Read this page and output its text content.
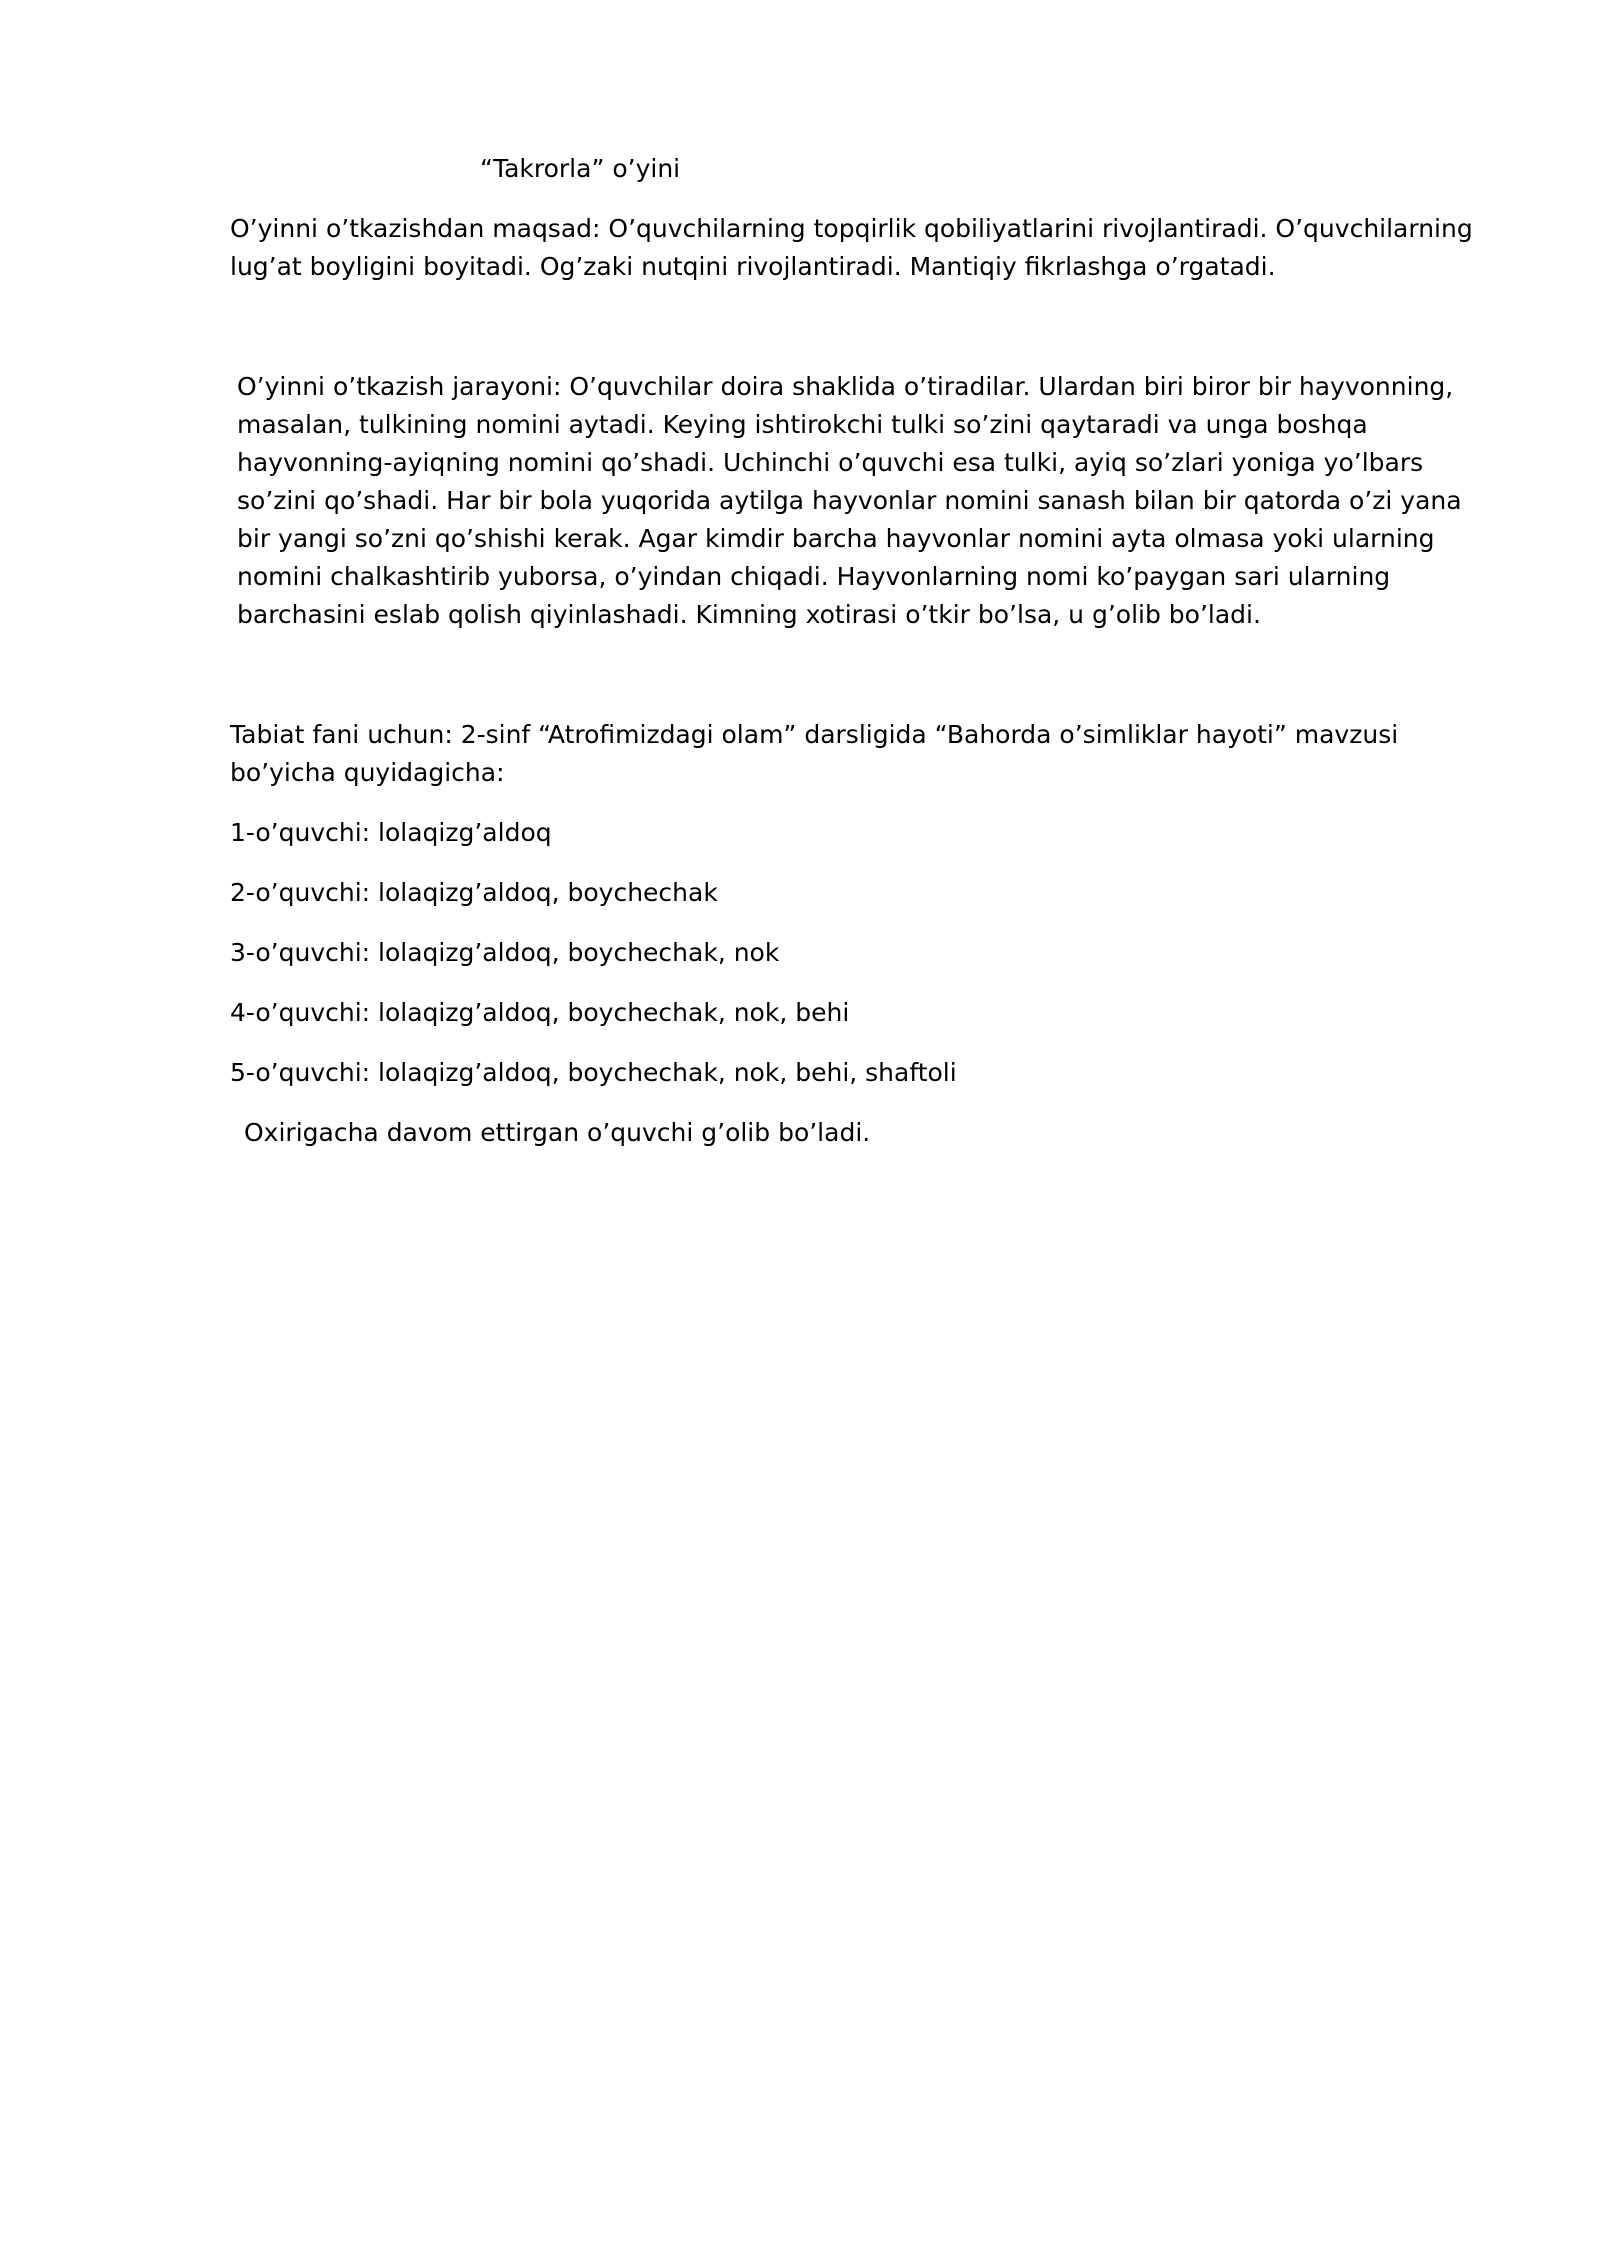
“Takrorla” o’yini

O’yinni o’tkazishdan maqsad: O’quvchilarning topqirlik qobiliyatlarini rivojlantiradi. O’quvchilarning lug’at boyligini boyitadi. Og’zaki nutqini rivojlantiradi. Mantiqiy fikrlashga o’rgatadi.

O’yinni o’tkazish jarayoni: O’quvchilar doira shaklida o’tiradilar. Ulardan biri biror bir hayvonning, masalan, tulkining nomini aytadi. Keying ishtirokchi tulki so’zini qaytaradi va unga boshqa hayvonning-ayiqning nomini qo’shadi. Uchinchi o’quvchi esa tulki, ayiq so’zlari yoniga yo’lbars so’zini qo’shadi. Har bir bola yuqorida aytilga hayvonlar nomini sanash bilan bir qatorda o’zi yana bir yangi so’zni qo’shishi kerak. Agar kimdir barcha hayvonlar nomini ayta olmasa yoki ularning nomini chalkashtirib yuborsa, o’yindan chiqadi. Hayvonlarning nomi ko’paygan sari ularning barchasini eslab qolish qiyinlashadi. Kimning xotirasi o’tkir bo’lsa, u g’olib bo’ladi.

Tabiat fani uchun: 2-sinf “Atrofimizdagi olam” darsligida “Bahorda o’simliklar hayoti” mavzusi bo’yicha quyidagicha:

1-o’quvchi: lolaqizg’aldoq

2-o’quvchi: lolaqizg’aldoq, boychechak

3-o’quvchi: lolaqizg’aldoq, boychechak, nok

4-o’quvchi: lolaqizg’aldoq, boychechak, nok, behi

5-o’quvchi: lolaqizg’aldoq, boychechak, nok, behi, shaftoli

Oxirigacha davom ettirgan o’quvchi g’olib bo’ladi.
